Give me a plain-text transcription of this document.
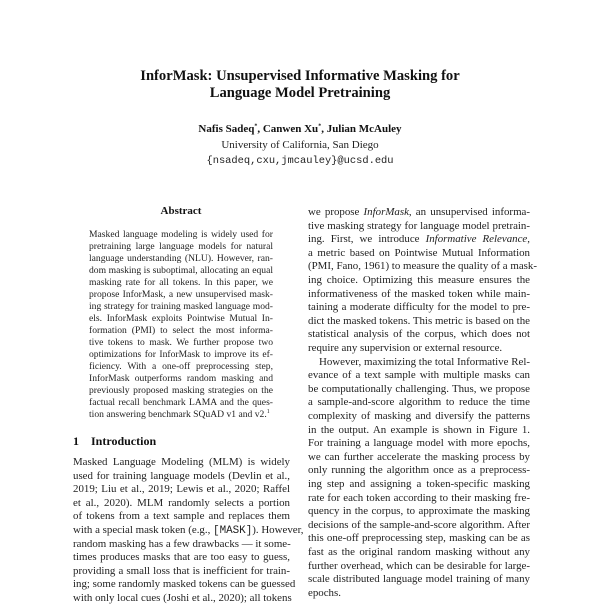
InforMask: Unsupervised Informative Masking for
Language Model Pretraining
Nafis Sadeq*, Canwen Xu*, Julian McAuley
University of California, San Diego
{nsadeq,cxu,jmcauley}@ucsd.edu
Abstract
Masked language modeling is widely used for
pretraining large language models for natural
language understanding (NLU). However, ran-
dom masking is suboptimal, allocating an equal
masking rate for all tokens. In this paper, we
propose InforMask, a new unsupervised mask-
ing strategy for training masked language mod-
els. InforMask exploits Pointwise Mutual In-
formation (PMI) to select the most informa-
tive tokens to mask. We further propose two
optimizations for InforMask to improve its ef-
ficiency. With a one-off preprocessing step,
InforMask outperforms random masking and
previously proposed masking strategies on the
factual recall benchmark LAMA and the ques-
tion answering benchmark SQuAD v1 and v2.$^1$
1 Introduction
Masked Language Modeling (MLM) is widely
used for training language models (Devlin et al.,
2019; Liu et al., 2019; Lewis et al., 2020; Raffel
et al., 2020). MLM randomly selects a portion
of tokens from a text sample and replaces them
with a special mask token (e.g., [MASK]). However,
random masking has a few drawbacks — it some-
times produces masks that are too easy to guess,
providing a small loss that is inefficient for train-
ing; some randomly masked tokens can be guessed
with only local cues (Joshi et al., 2020); all tokens
we propose InforMask, an unsupervised informa-
tive masking strategy for language model pretrain-
ing. First, we introduce Informative Relevance,
a metric based on Pointwise Mutual Information
(PMI, Fano, 1961) to measure the quality of a mask-
ing choice. Optimizing this measure ensures the
informativeness of the masked token while main-
taining a moderate difficulty for the model to pre-
dict the masked tokens. This metric is based on the
statistical analysis of the corpus, which does not
require any supervision or external resource.
However, maximizing the total Informative Rel-
evance of a text sample with multiple masks can
be computationally challenging. Thus, we propose
a sample-and-score algorithm to reduce the time
complexity of masking and diversify the patterns
in the output. An example is shown in Figure 1.
For training a language model with more epochs,
we can further accelerate the masking process by
only running the algorithm once as a preprocess-
ing step and assigning a token-specific masking
rate for each token according to their masking fre-
quency in the corpus, to approximate the masking
decisions of the sample-and-score algorithm. After
this one-off preprocessing step, masking can be as
fast as the original random masking without any
further overhead, which can be desirable for large-
scale distributed language model training of many
epochs.
